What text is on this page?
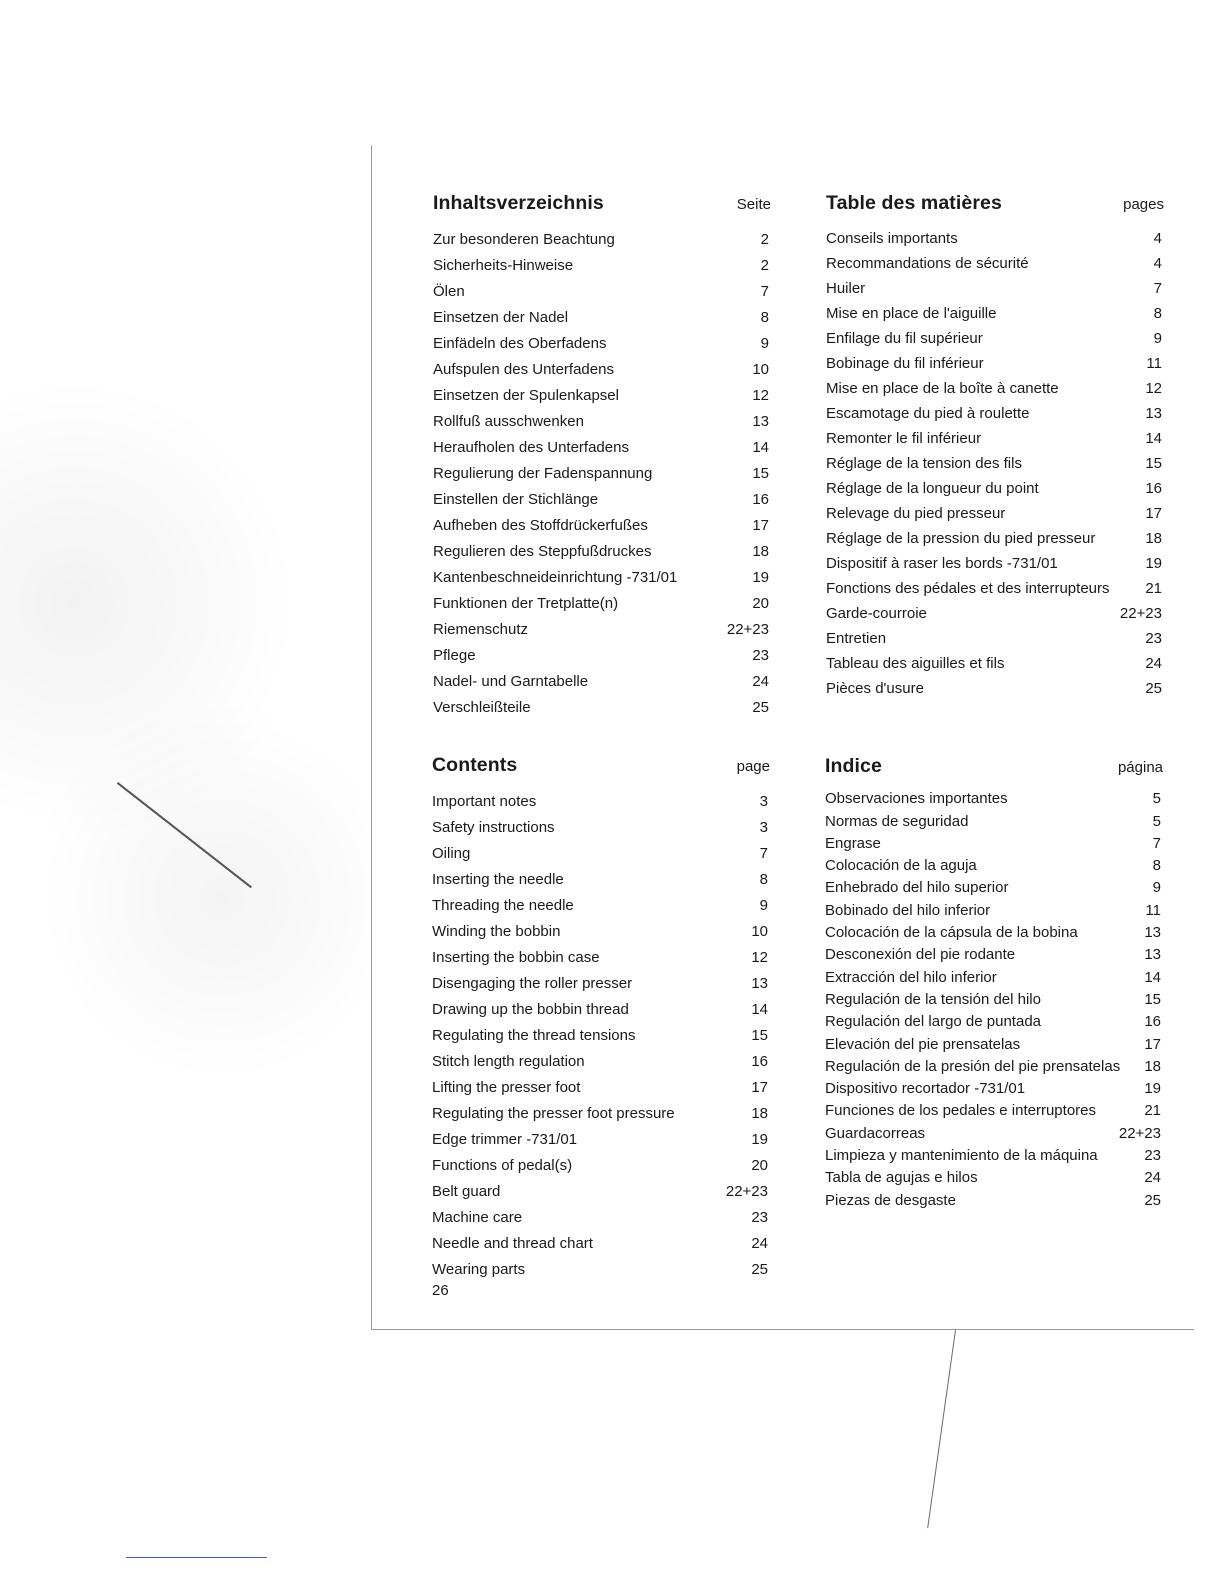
Inhaltsverzeichnis	Seite
Zur besonderen Beachtung	2
Sicherheits-Hinweise	2
Ölen	7
Einsetzen der Nadel	8
Einfädeln des Oberfadens	9
Aufspulen des Unterfadens	10
Einsetzen der Spulenkapsel	12
Rollfuß ausschwenken	13
Heraufholen des Unterfadens	14
Regulierung der Fadenspannung	15
Einstellen der Stichlänge	16
Aufheben des Stoffdrückerfußes	17
Regulieren des Steppfußdruckes	18
Kantenbeschneideinrichtung -731/01	19
Funktionen der Tretplatte(n)	20
Riemenschutz	22+23
Pflege	23
Nadel- und Garntabelle	24
Verschleißteile	25
Table des matières	pages
Conseils importants	4
Recommandations de sécurité	4
Huiler	7
Mise en place de l'aiguille	8
Enfilage du fil supérieur	9
Bobinage du fil inférieur	11
Mise en place de la boîte à canette	12
Escamotage du pied à roulette	13
Remonter le fil inférieur	14
Réglage de la tension des fils	15
Réglage de la longueur du point	16
Relevage du pied presseur	17
Réglage de la pression du pied presseur	18
Dispositif à raser les bords -731/01	19
Fonctions des pédales et des interrupteurs	21
Garde-courroie	22+23
Entretien	23
Tableau des aiguilles et fils	24
Pièces d'usure	25
Contents	page
Important notes	3
Safety instructions	3
Oiling	7
Inserting the needle	8
Threading the needle	9
Winding the bobbin	10
Inserting the bobbin case	12
Disengaging the roller presser	13
Drawing up the bobbin thread	14
Regulating the thread tensions	15
Stitch length regulation	16
Lifting the presser foot	17
Regulating the presser foot pressure	18
Edge trimmer -731/01	19
Functions of pedal(s)	20
Belt guard	22+23
Machine care	23
Needle and thread chart	24
Wearing parts	25
Indice	página
Observaciones importantes	5
Normas de seguridad	5
Engrase	7
Colocación de la aguja	8
Enhebrado del hilo superior	9
Bobinado del hilo inferior	11
Colocación de la cápsula de la bobina	13
Desconexión del pie rodante	13
Extracción del hilo inferior	14
Regulación de la tensión del hilo	15
Regulación del largo de puntada	16
Elevación del pie prensatelas	17
Regulación de la presión del pie prensatelas	18
Dispositivo recortador -731/01	19
Funciones de los pedales e interruptores	21
Guardacorreas	22+23
Limpieza y mantenimiento de la máquina	23
Tabla de agujas e hilos	24
Piezas de desgaste	25
26
